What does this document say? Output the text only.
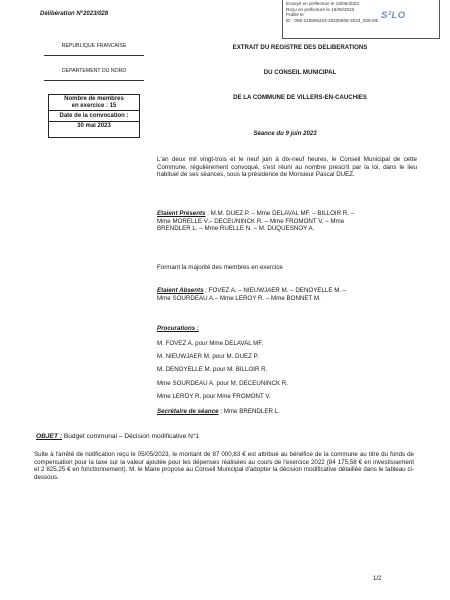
Envoyé en préfecture le 16/06/2023
Reçu en préfecture le 16/06/2023
Publié le
ID : 059-215906223-20230609-2023_028-DE S²LO
Délibération N°2023/028
REPUBLIQUE FRANCAISE
DEPARTEMENT DU NORD
Nombre de membres
en exercice : 15
Date de la convocation :
30 mai 2023
EXTRAIT DU REGISTRE DES DELIBERATIONS
DU CONSEIL MUNICIPAL
DE LA COMMUNE DE VILLERS-EN-CAUCHIES
Séance du 9 juin 2023
L'an deux mil vingt-trois et le neuf juin à dix-neuf heures, le Conseil Municipal de cette Commune, régulièrement convoqué, s'est réuni au nombre prescrit par la loi, dans le lieu habituel de ses séances, sous la présidence de Monsieur Pascal DUEZ.
Etaient Présents : M.M. DUEZ P. – Mme DELAVAL MF. – BILLOIR R. –
Mme MORELLE V.– DECEUNINCK R. – Mme FROMONT V. – Mme
BRENDLER L. – Mme RUELLE N. – M. DUQUESNOY A.
Formant la majorité des membres en exercice
Etaient Absents : FOVEZ A. – NIEUWJAER M. – DENOYELLE M. –
Mme SOURDEAU A.– Mme LEROY R. – Mme BONNET M.
Procurations :
M. FOVEZ A. pour Mme DELAVAL MF.
M. NIEUWJAER M. pour M. DUEZ P.
M. DENOYELLE M. pour M. BILLOIR R.
Mme SOURDEAU A. pour M. DECEUNINCK R.
Mme LEROY R. pour Mme FROMONT V.
Secrétaire de séance : Mme BRENDLER L.
OBJET : Budget communal – Décision modificative N°1
Suite à l'arrêté de notification reçu le 05/05/2023, le montant de 87 000,83 € est attribué au bénéfice de la commune au titre du fonds de compensation pour la taxe sur la valeur ajoutée pour les dépenses réalisées au cours de l'exercice 2022 (84 175,58 € en investissement et 2 825,25 € en fonctionnement). M. le Maire propose au Conseil Municipal d'adopter la décision modificative détaillée dans le tableau ci-dessous.
1/2
